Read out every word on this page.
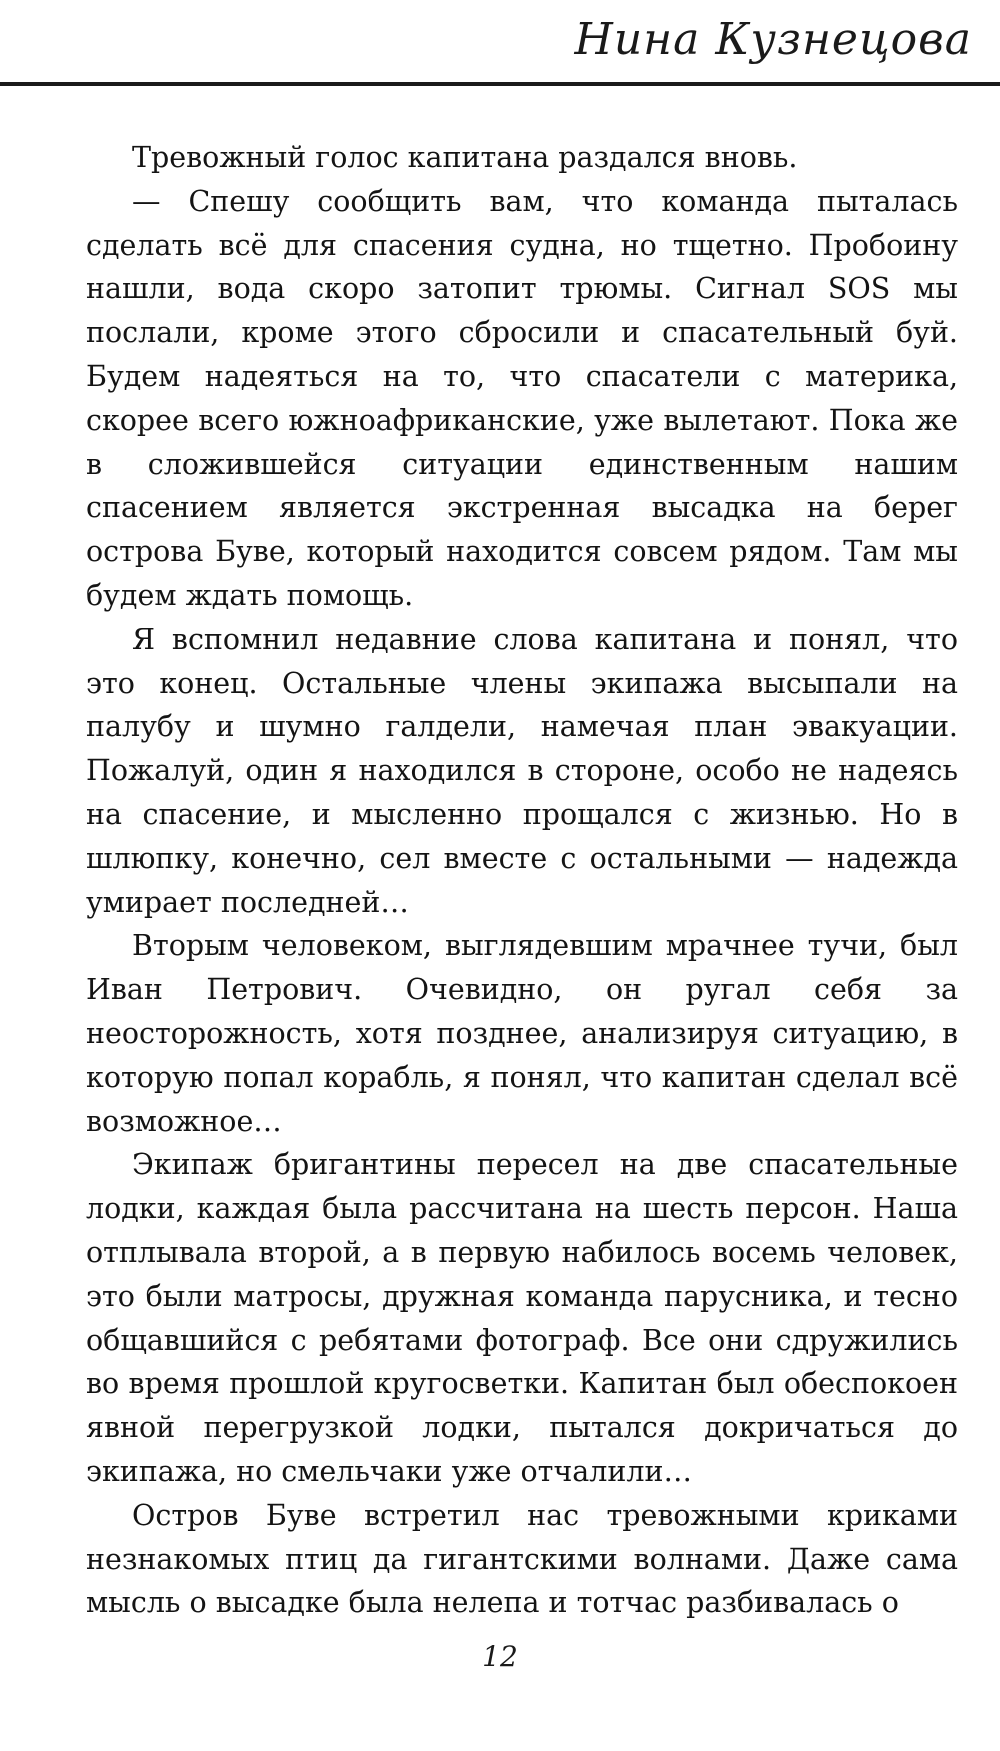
Нина Кузнецова

Тревожный голос капитана раздался вновь.

— Спешу сообщить вам, что команда пыталась сделать всё для спасения судна, но тщетно. Пробоину нашли, вода скоро затопит трюмы. Сигнал SOS мы послали, кроме этого сбросили и спасательный буй. Будем надеяться на то, что спасатели с материка, скорее всего южноафриканские, уже вылетают. Пока же в сложившейся ситуации единственным нашим спасением является экстренная высадка на берег острова Буве, который находится совсем рядом. Там мы будем ждать помощь.

Я вспомнил недавние слова капитана и понял, что это конец. Остальные члены экипажа высыпали на палубу и шумно галдели, намечая план эвакуации. Пожалуй, один я находился в стороне, особо не надеясь на спасение, и мысленно прощался с жизнью. Но в шлюпку, конечно, сел вместе с остальными — надежда умирает последней…

Вторым человеком, выглядевшим мрачнее тучи, был Иван Петрович. Очевидно, он ругал себя за неосторожность, хотя позднее, анализируя ситуацию, в которую попал корабль, я понял, что капитан сделал всё возможное…

Экипаж бригантины пересел на две спасательные лодки, каждая была рассчитана на шесть персон. Наша отплывала второй, а в первую набилось восемь человек, это были матросы, дружная команда парусника, и тесно общавшийся с ребятами фотограф. Все они сдружились во время прошлой кругосветки. Капитан был обеспокоен явной перегрузкой лодки, пытался докричаться до экипажа, но смельчаки уже отчалили…

Остров Буве встретил нас тревожными криками незнакомых птиц да гигантскими волнами. Даже сама мысль о высадке была нелепа и тотчас разбивалась о

12
